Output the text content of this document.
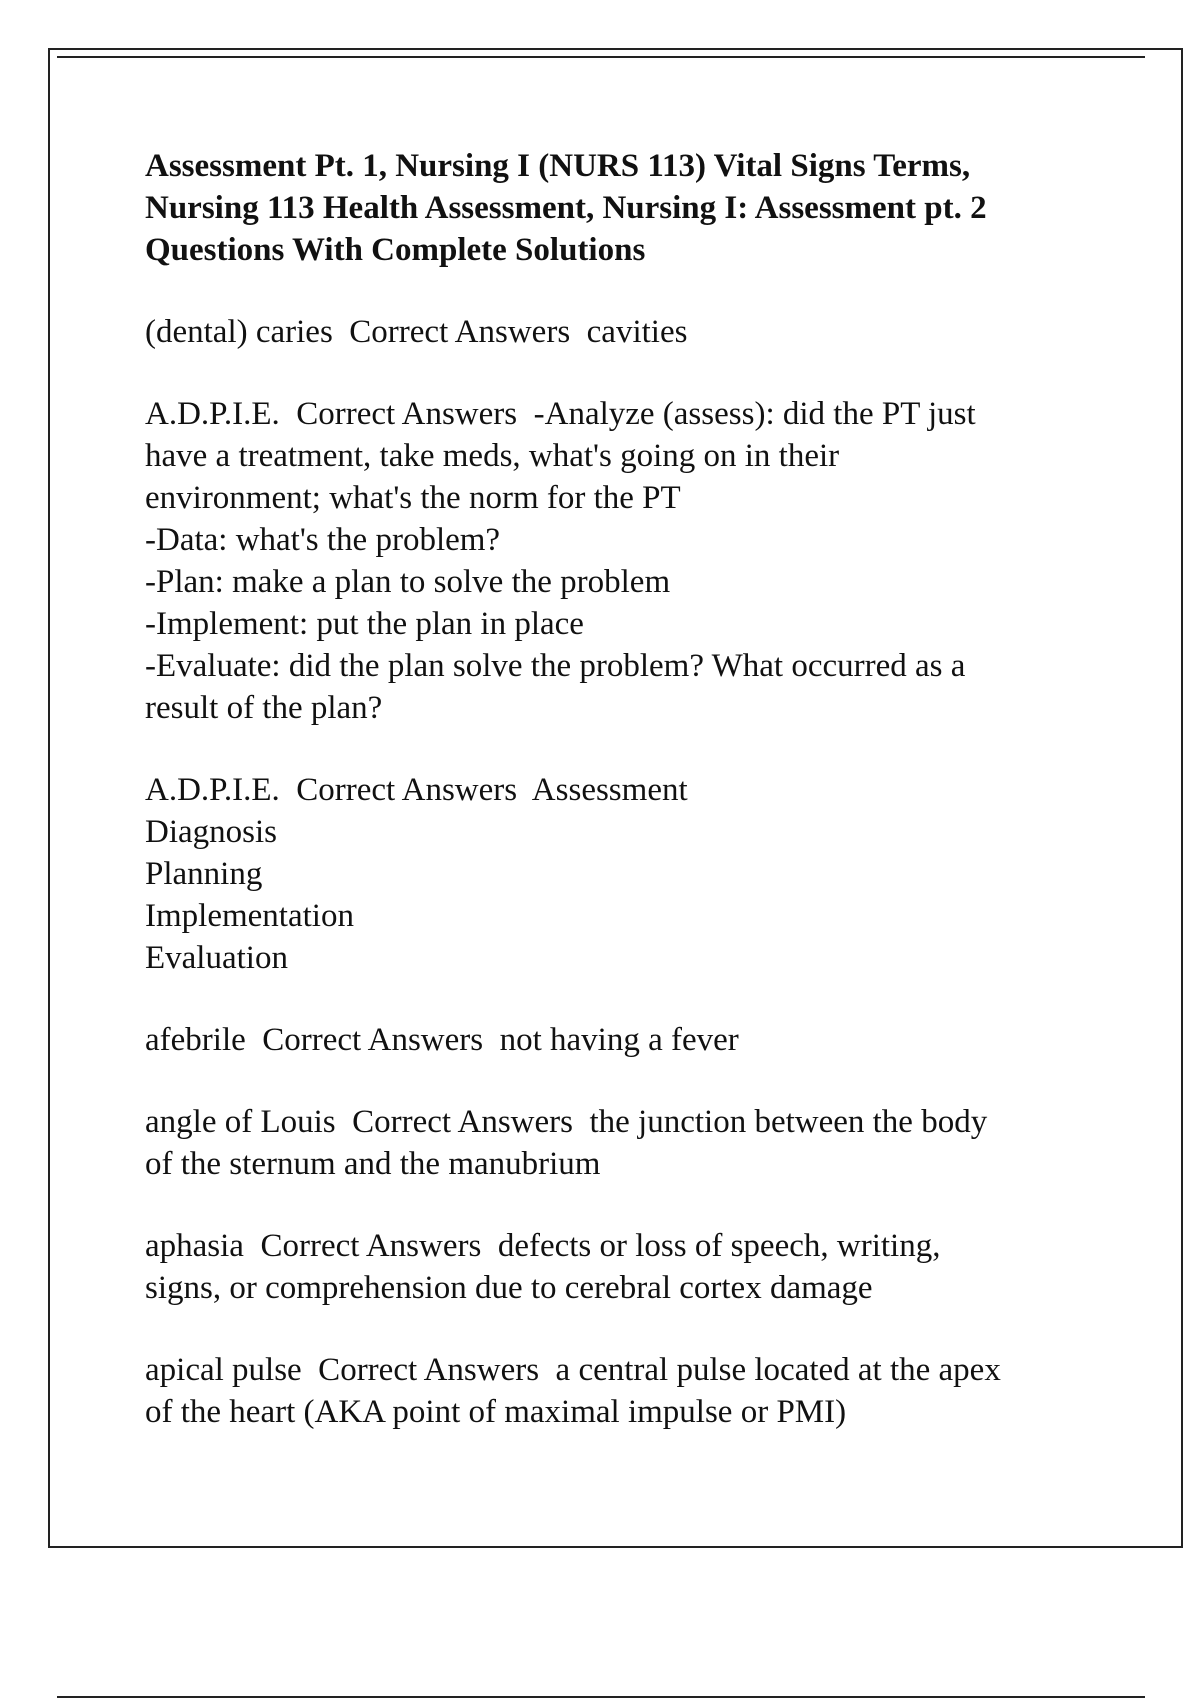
Assessment Pt. 1, Nursing I (NURS 113) Vital Signs Terms,
Nursing 113 Health Assessment, Nursing I: Assessment pt. 2
Questions With Complete Solutions
(dental) caries  Correct Answers  cavities
A.D.P.I.E.  Correct Answers  -Analyze (assess): did the PT just
have a treatment, take meds, what's going on in their
environment; what's the norm for the PT
-Data: what's the problem?
-Plan: make a plan to solve the problem
-Implement: put the plan in place
-Evaluate: did the plan solve the problem? What occurred as a
result of the plan?
A.D.P.I.E.  Correct Answers  Assessment
Diagnosis
Planning
Implementation
Evaluation
afebrile  Correct Answers  not having a fever
angle of Louis  Correct Answers  the junction between the body
of the sternum and the manubrium
aphasia  Correct Answers  defects or loss of speech, writing,
signs, or comprehension due to cerebral cortex damage
apical pulse  Correct Answers  a central pulse located at the apex
of the heart (AKA point of maximal impulse or PMI)
